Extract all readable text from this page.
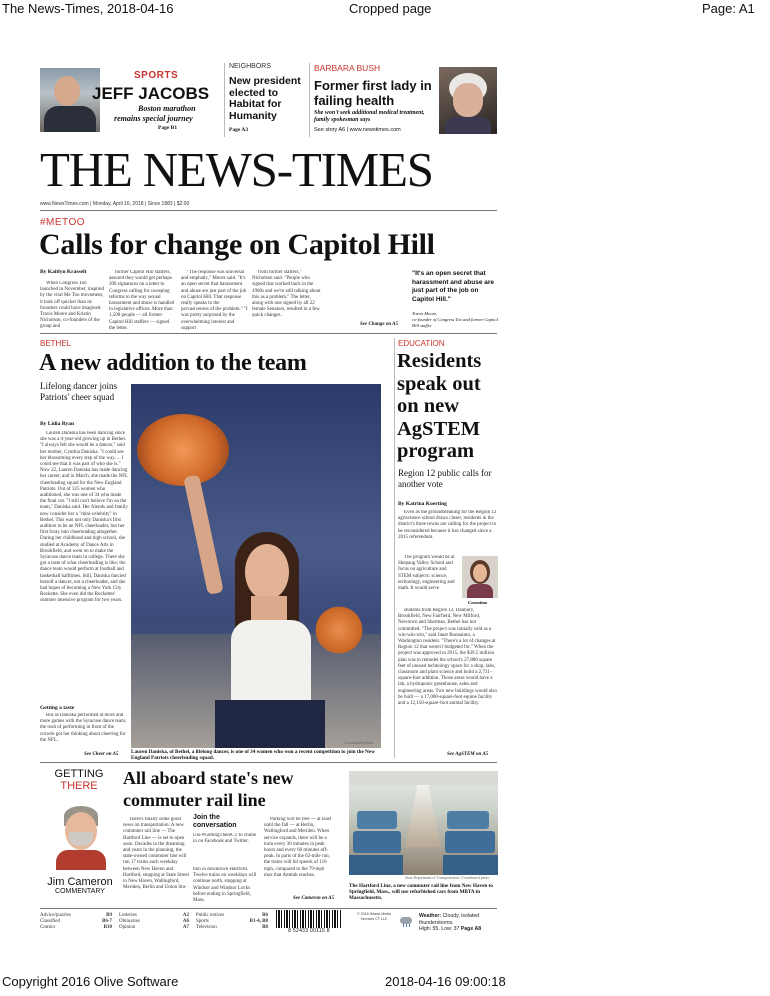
The News-Times, 2018-04-16	Cropped page	Page: A1
SPORTS
JEFF JACOBS
Boston marathon
remains special journey
Page B1
NEIGHBORS
New president elected to Habitat for Humanity
Page A3
BARBARA BUSH
Former first lady in failing health
She won't seek additional medical treatment, family spokesman says
See story A6 | www.newstimes.com
THE NEWS-TIMES
www.NewsTimes.com | Monday, April 16, 2018 | Since 1883 | $2.00
#METOO
Calls for change on Capitol Hill
By Kaitlyn Krasselt

When Congress Too launched in November, inspired by the viral Me Too movement, it took off quicker than its founders could have imagined. Travis Moore and Kristin Nicholson, co-founders of the group and

former Capitol Hill staffers, assured they would get perhaps 300 signatures on a letter to Congress calling for sweeping reforms to the way sexual harassment and abuse is handled in legislative offices. More than 1,500 people — all former Capitol Hill staffers — signed the letter.

"The response was universal and emphatic," Moore said. "It's an open secret that harassment and abuse are just part of the job on Capitol Hill. That response really speaks to the pervasiveness of the problem." "I was pretty surprised by the overwhelming interest and support

from former staffers," Nicholson said. "People who signed that worked back in the 1960s and we're still talking about this as a problem." The letter, along with one signed by all 22 female Senators, resulted in a few quick changes.

See Change on A5
"It's an open secret that harassment and abuse are just part of the job on Capitol Hill."
Travis Moore,
co-founder of Congress Too and former Capitol Hill staffer
BETHEL
A new addition to the team
Lifelong dancer joins Patriots' cheer squad
By Lidia Ryan

Lauren Daniska has been dancing since she was a 4-year-old growing up in Bethel. "I always felt she would be a dancer," said her mother, Cynthia Daniska. "I could see her blossoming every step of the way. ... I could see that it was part of who she is." Now 22, Lauren Daniska has made dancing her career, and in March, she made the NFL cheerleading squad for the New England Patriots. Out of 325 women who auditioned, she was one of 34 who made the final cut. "I still can't believe I'm on the team," Daniska said. Her friends and family now consider her a "mini-celebrity" in Bethel. This was not only Daniska's first audition to be an NFL cheerleader, but her first foray into cheerleading altogether. During her childhood and high school, she studied at Academy of Dance Arts in Brookfield, and went on to make the Syracuse dance team in college. There she got a taste of what cheerleading is like; the dance team would perform at football and basketball halftimes. Still, Daniska fancied herself a dancer, not a cheerleader, and she had hopes of becoming a New York City Rockette. She even did the Rockettes' summer intensive program for two years.

Getting a taste

But as Daniska performed at more and more games with the Syracuse dance team, the rush of performing in front of the crowds got her thinking about cheering for the NFL.

See Cheer on A5
Contributed photo
Lauren Daniska, of Bethel, a lifelong dancer, is one of 34 women who won a recent competition to join the New England Patriots cheerleading squad.
EDUCATION
Residents speak out on new AgSTEM program
Region 12 public calls for another vote
By Katrina Koerting

Even as the groundbreaking for the Region 12 agriscience school draws closer, residents in the district's three towns are calling for the project to be reconsidered because it has changed since a 2015 referendum.

The program would be at Shepaug Valley School and focus on agriculture and STEM subjects: science, technology, engineering and math. It would serve

Cosentino

students from Region 12, Danbury, Brookfield, New Fairfield, New Milford, Newtown and Sherman. Bethel has not committed. "The project was initially sold as a win-win-win," said Janet Buonaiuto, a Washington resident. "There's a lot of changes at Region 12 that weren't budgeted for." When the project was approved in 2015, the $39.5 million plan was to remodel the school's 27,880 square feet of unused technology space for a shop, labs, classroom and plant science and build a 2,731-square-foot addition. Those areas would have a lab, a hydroponic greenhouse, sales and engineering areas. Two new buildings would also be built — a 17,000-square-foot equine facility and a 12,150-square-foot animal facility.

See AgSTEM on A5
GETTING
THERE
Jim Cameron
COMMENTARY
All aboard state's new commuter rail line

There's finally some good news on transportation: A new commuter rail line — The Hartford Line — is set to open soon. Decades in the dreaming and years in the planning, the state-owned commuter line will run 17 trains each weekday between New Haven and Hartford, stopping at State Street in New Haven, Wallingford, Meriden, Berlin and Union Sta-

Join the conversation

Use #GettingThereCT to chime in on Facebook and Twitter.

tion in downtown Hartford. Twelve trains on weekdays will continue north, stopping at Windsor and Windsor Locks before ending in Springfield, Mass.

Parking will be free — at least until the fall — at Berlin, Wallingford and Meriden. When service expands, there will be a train every 30 minutes in peak hours and every 60 minutes off-peak. In parts of the 62-mile run, the trains will hit speeds of 110 mph, compared to the 79-mph max that Amtrak reaches.

See Cameron on A5
State Department of Transportation / Contributed photo
The Hartford Line, a new commuter rail line from New Haven to Springfield, Mass., will use refurbished cars from MBTA in Massachusetts.
Advice/puzzles	B9
Classified	B6-7
Comics	B10
Lotteries	A2
Obituaries	A6
Opinion	A7
Public notices	B6
Sports	B1-4, B8
Television	B8
8 52433 00115 8
© 2018 Hearst Media Services CT LLC	Weather: Cloudy, isolated thunderstorms.
High: 55. Low: 37 Page A8
Copyright 2016 Olive Software	2018-04-16 09:00:18
